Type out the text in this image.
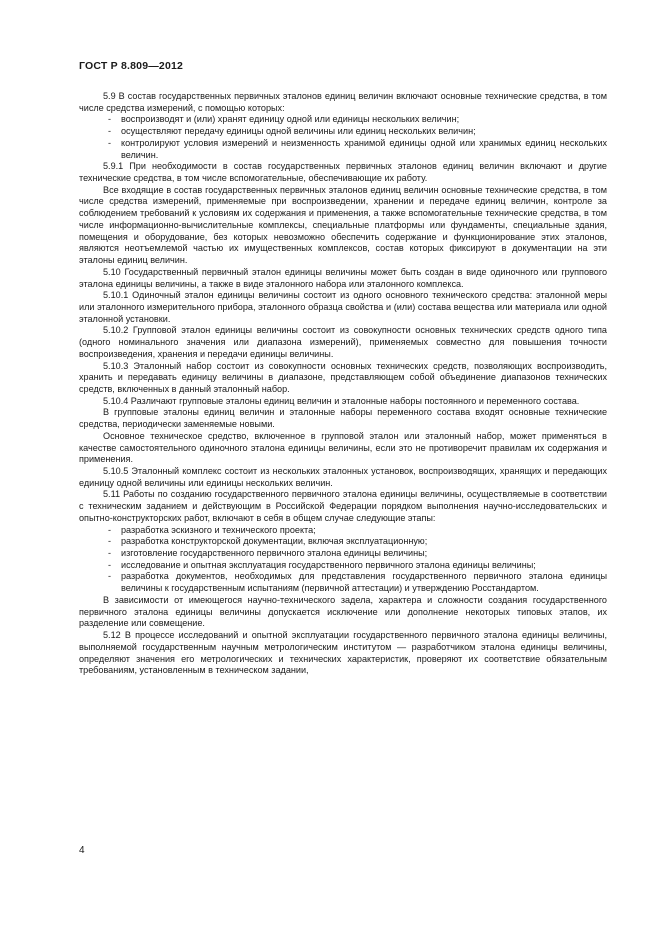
ГОСТ Р 8.809—2012

5.9 В состав государственных первичных эталонов единиц величин включают основные технические средства, в том числе средства измерений, с помощью которых:

- воспроизводят и (или) хранят единицу одной или единицы нескольких величин;

- осуществляют передачу единицы одной величины или единиц нескольких величин;

- контролируют условия измерений и неизменность хранимой единицы одной или хранимых единиц нескольких величин.

5.9.1 При необходимости в состав государственных первичных эталонов единиц величин включают и другие технические средства, в том числе вспомогательные, обеспечивающие их работу.

Все входящие в состав государственных первичных эталонов единиц величин основные технические средства, в том числе средства измерений, применяемые при воспроизведении, хранении и передаче единиц величин, контроле за соблюдением требований к условиям их содержания и применения, а также вспомогательные технические средства, в том числе информационно-вычислительные комплексы, специальные платформы или фундаменты, специальные здания, помещения и оборудование, без которых невозможно обеспечить содержание и функционирование этих эталонов, являются неотъемлемой частью их имущественных комплексов, состав которых фиксируют в документации на эти эталоны единиц величин.

5.10 Государственный первичный эталон единицы величины может быть создан в виде одиночного или группового эталона единицы величины, а также в виде эталонного набора или эталонного комплекса.

5.10.1 Одиночный эталон единицы величины состоит из одного основного технического средства: эталонной меры или эталонного измерительного прибора, эталонного образца свойства и (или) состава вещества или материала или одной эталонной установки.

5.10.2 Групповой эталон единицы величины состоит из совокупности основных технических средств одного типа (одного номинального значения или диапазона измерений), применяемых совместно для повышения точности воспроизведения, хранения и передачи единицы величины.

5.10.3 Эталонный набор состоит из совокупности основных технических средств, позволяющих воспроизводить, хранить и передавать единицу величины в диапазоне, представляющем собой объединение диапазонов технических средств, включенных в данный эталонный набор.

5.10.4 Различают групповые эталоны единиц величин и эталонные наборы постоянного и переменного состава.

В групповые эталоны единиц величин и эталонные наборы переменного состава входят основные технические средства, периодически заменяемые новыми.

Основное техническое средство, включенное в групповой эталон или эталонный набор, может применяться в качестве самостоятельного одиночного эталона единицы величины, если это не противоречит правилам их содержания и применения.

5.10.5 Эталонный комплекс состоит из нескольких эталонных установок, воспроизводящих, хранящих и передающих единицу одной величины или единицы нескольких величин.

5.11 Работы по созданию государственного первичного эталона единицы величины, осуществляемые в соответствии с техническим заданием и действующим в Российской Федерации порядком выполнения научно-исследовательских и опытно-конструкторских работ, включают в себя в общем случае следующие этапы:

- разработка эскизного и технического проекта;

- разработка конструкторской документации, включая эксплуатационную;

- изготовление государственного первичного эталона единицы величины;

- исследование и опытная эксплуатация государственного первичного эталона единицы величины;

- разработка документов, необходимых для представления государственного первичного эталона единицы величины к государственным испытаниям (первичной аттестации) и утверждению Росстандартом.

В зависимости от имеющегося научно-технического задела, характера и сложности создания государственного первичного эталона единицы величины допускается исключение или дополнение некоторых типовых этапов, их разделение или совмещение.

5.12 В процессе исследований и опытной эксплуатации государственного первичного эталона единицы величины, выполняемой государственным научным метрологическим институтом — разработчиком эталона единицы величины, определяют значения его метрологических и технических характеристик, проверяют их соответствие обязательным требованиям, установленным в техническом задании,

4
